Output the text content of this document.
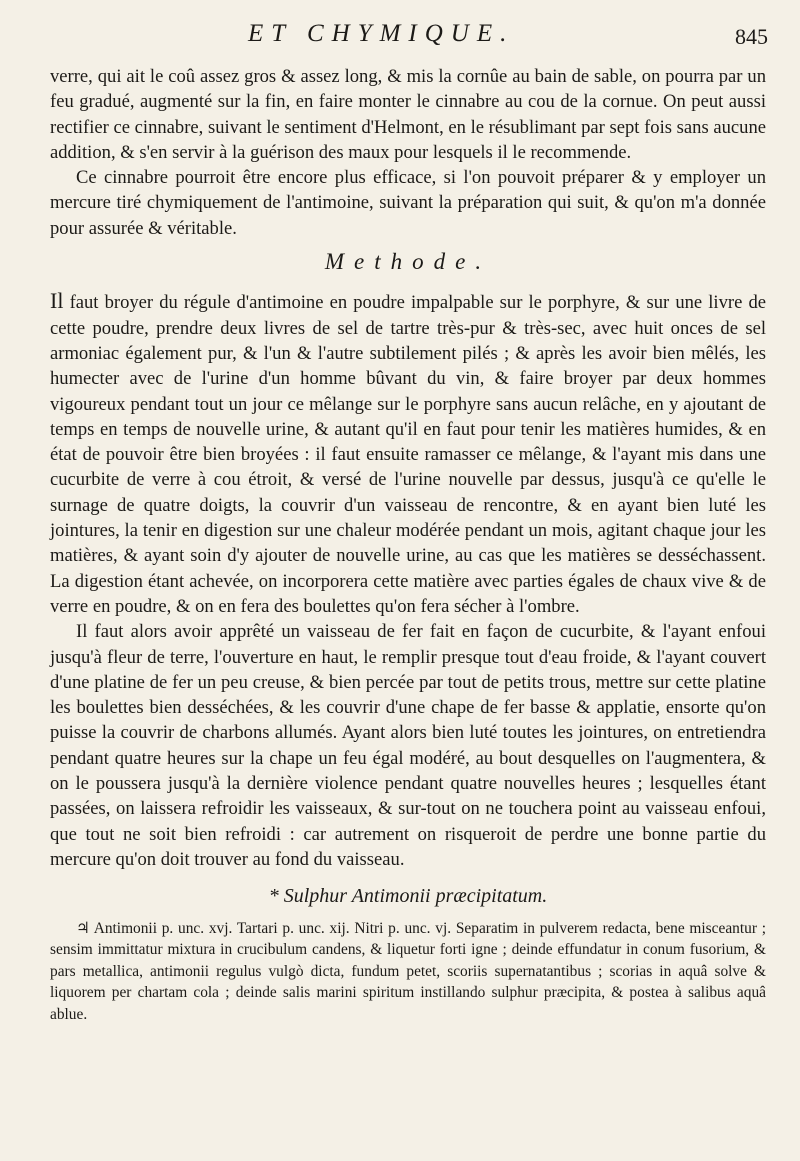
ET CHYMIQUE.	845

verre, qui ait le coû assez gros & assez long, & mis la cornûe au bain de sable, on pourra par un feu gradué, augmenté sur la fin, en faire monter le cinnabre au cou de la cornue. On peut aussi rectifier ce cinnabre, suivant le sentiment d'Helmont, en le résublimant par sept fois sans aucune addition, & s'en servir à la guérison des maux pour lesquels il le recommende.

Ce cinnabre pourroit être encore plus efficace, si l'on pouvoit préparer & y employer un mercure tiré chymiquement de l'antimoine, suivant la préparation qui suit, & qu'on m'a donnée pour assurée & véritable.

Methode.

Il faut broyer du régule d'antimoine en poudre impalpable sur le porphyre, & sur une livre de cette poudre, prendre deux livres de sel de tartre très-pur & très-sec, avec huit onces de sel armoniac également pur, & l'un & l'autre subtilement pilés ; & après les avoir bien mêlés, les humecter avec de l'urine d'un homme bûvant du vin, & faire broyer par deux hommes vigoureux pendant tout un jour ce mêlange sur le porphyre sans aucun relâche, en y ajoutant de temps en temps de nouvelle urine, & autant qu'il en faut pour tenir les matières humides, & en état de pouvoir être bien broyées : il faut ensuite ramasser ce mêlange, & l'ayant mis dans une cucurbite de verre à cou étroit, & versé de l'urine nouvelle par dessus, jusqu'à ce qu'elle le surnage de quatre doigts, la couvrir d'un vaisseau de rencontre, & en ayant bien luté les jointures, la tenir en digestion sur une chaleur modérée pendant un mois, agitant chaque jour les matières, & ayant soin d'y ajouter de nouvelle urine, au cas que les matières se desséchassent. La digestion étant achevée, on incorporera cette matière avec parties égales de chaux vive & de verre en poudre, & on en fera des boulettes qu'on fera sécher à l'ombre.

Il faut alors avoir apprêté un vaisseau de fer fait en façon de cucurbite, & l'ayant enfoui jusqu'à fleur de terre, l'ouverture en haut, le remplir presque tout d'eau froide, & l'ayant couvert d'une platine de fer un peu creuse, & bien percée par tout de petits trous, mettre sur cette platine les boulettes bien desséchées, & les couvrir d'une chape de fer basse & applatie, ensorte qu'on puisse la couvrir de charbons allumés. Ayant alors bien luté toutes les jointures, on entretiendra pendant quatre heures sur la chape un feu égal modéré, au bout desquelles on l'augmentera, & on le poussera jusqu'à la dernière violence pendant quatre nouvelles heures ; lesquelles étant passées, on laissera refroidir les vaisseaux, & sur-tout on ne touchera point au vaisseau enfoui, que tout ne soit bien refroidi : car autrement on risqueroit de perdre une bonne partie du mercure qu'on doit trouver au fond du vaisseau.

* Sulphur Antimonii præcipitatum.

♃ Antimonii p. unc. xvj. Tartari p. unc. xij. Nitri p. unc. vj. Separatim in pulverem redacta, bene misceantur ; sensim immittatur mixtura in crucibulum candens, & liquetur forti igne ; deinde effundatur in conum fusorium, & pars metallica, antimonii regulus vulgò dicta, fundum petet, scoriis supernatantibus ; scorias in aquâ solve & liquorem per chartam cola ; deinde salis marini spiritum instillando sulphur præcipita, & postea à salibus aquâ ablue.
